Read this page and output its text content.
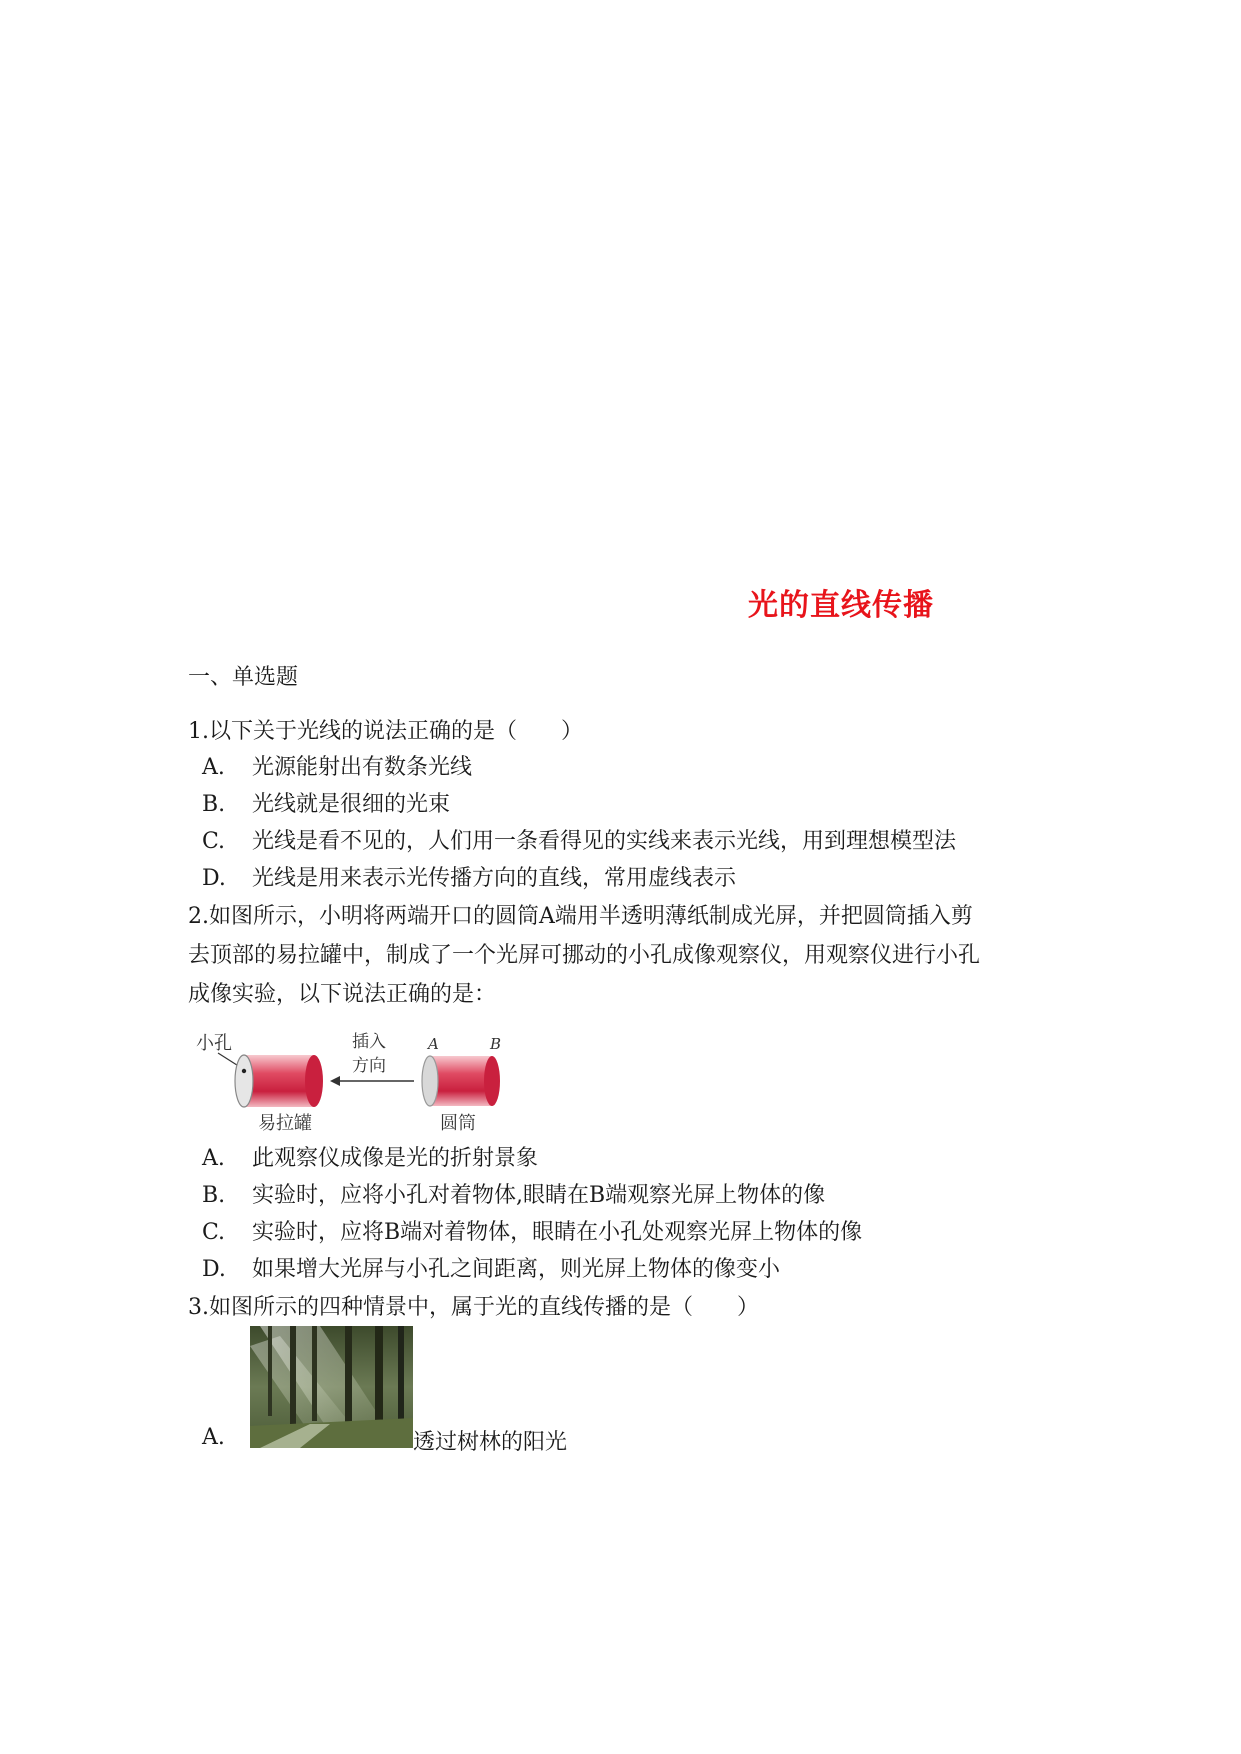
光的直线传播
一、单选题
1.以下关于光线的说法正确的是（　　）
A. 光源能射出有数条光线
B. 光线就是很细的光束
C. 光线是看不见的，人们用一条看得见的实线来表示光线，用到理想模型法
D. 光线是用来表示光传播方向的直线，常用虚线表示
2.如图所示，小明将两端开口的圆筒A端用半透明薄纸制成光屏，并把圆筒插入剪
去顶部的易拉罐中，制成了一个光屏可挪动的小孔成像观察仪，用观察仪进行小孔
成像实验，以下说法正确的是：
小孔
易拉罐
插入
方向
A	B
圆筒
A. 此观察仪成像是光的折射景象
B. 实验时，应将小孔对着物体,眼睛在B端观察光屏上物体的像
C. 实验时，应将B端对着物体，眼睛在小孔处观察光屏上物体的像
D. 如果增大光屏与小孔之间距离，则光屏上物体的像变小
3.如图所示的四种情景中，属于光的直线传播的是（　　）
A.	透过树林的阳光
